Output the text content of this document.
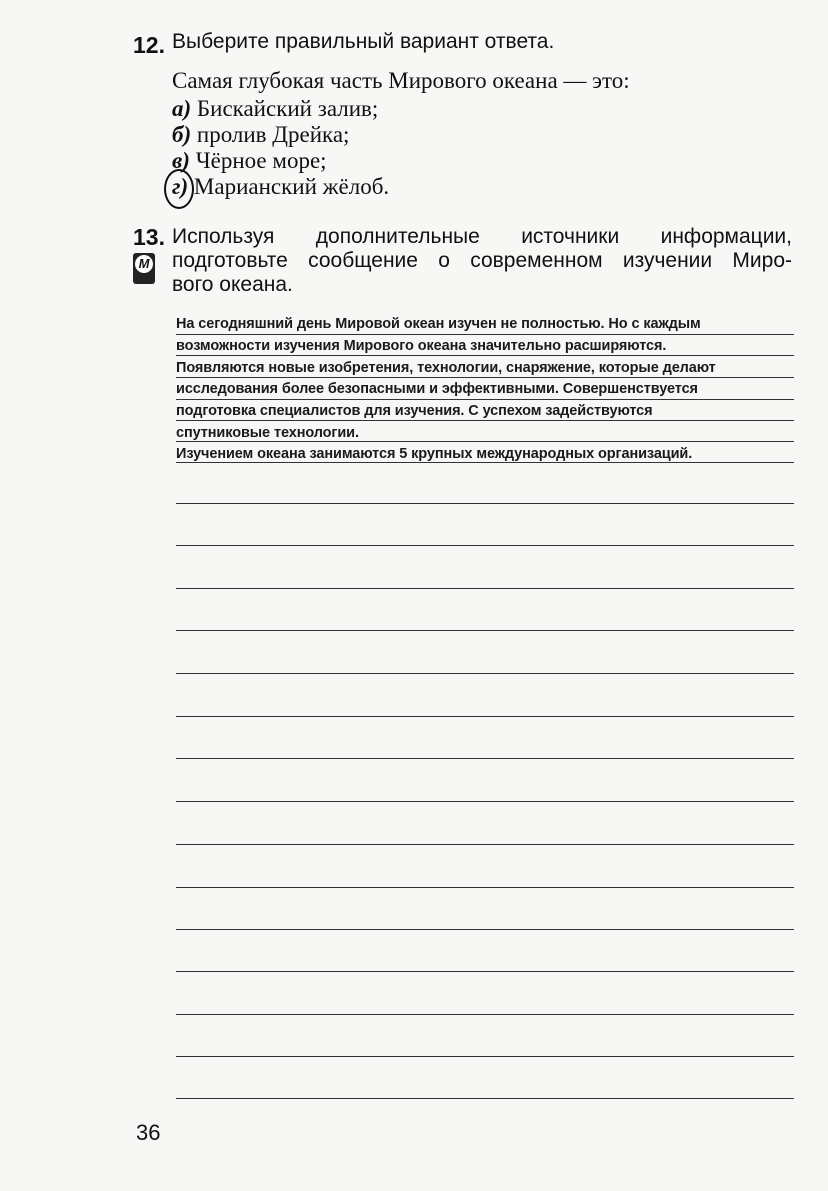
12. Выберите правильный вариант ответа.
Самая глубокая часть Мирового океана — это:
а) Бискайский залив;
б) пролив Дрейка;
в) Чёрное море;
г) Марианский жёлоб.
13.
М
Используя дополнительные источники информации,
подготовьте сообщение о современном изучении Миро-
вого океана.
На сегодняшний день Мировой океан изучен не полностью. Но с каждым
возможности изучения Мирового океана значительно расширяются.
Появляются новые изобретения, технологии, снаряжение, которые делают
исследования более безопасными и эффективными. Совершенствуется
подготовка специалистов для изучения. С успехом задействуются
спутниковые технологии.
Изучением океана занимаются 5 крупных международных организаций.
36
